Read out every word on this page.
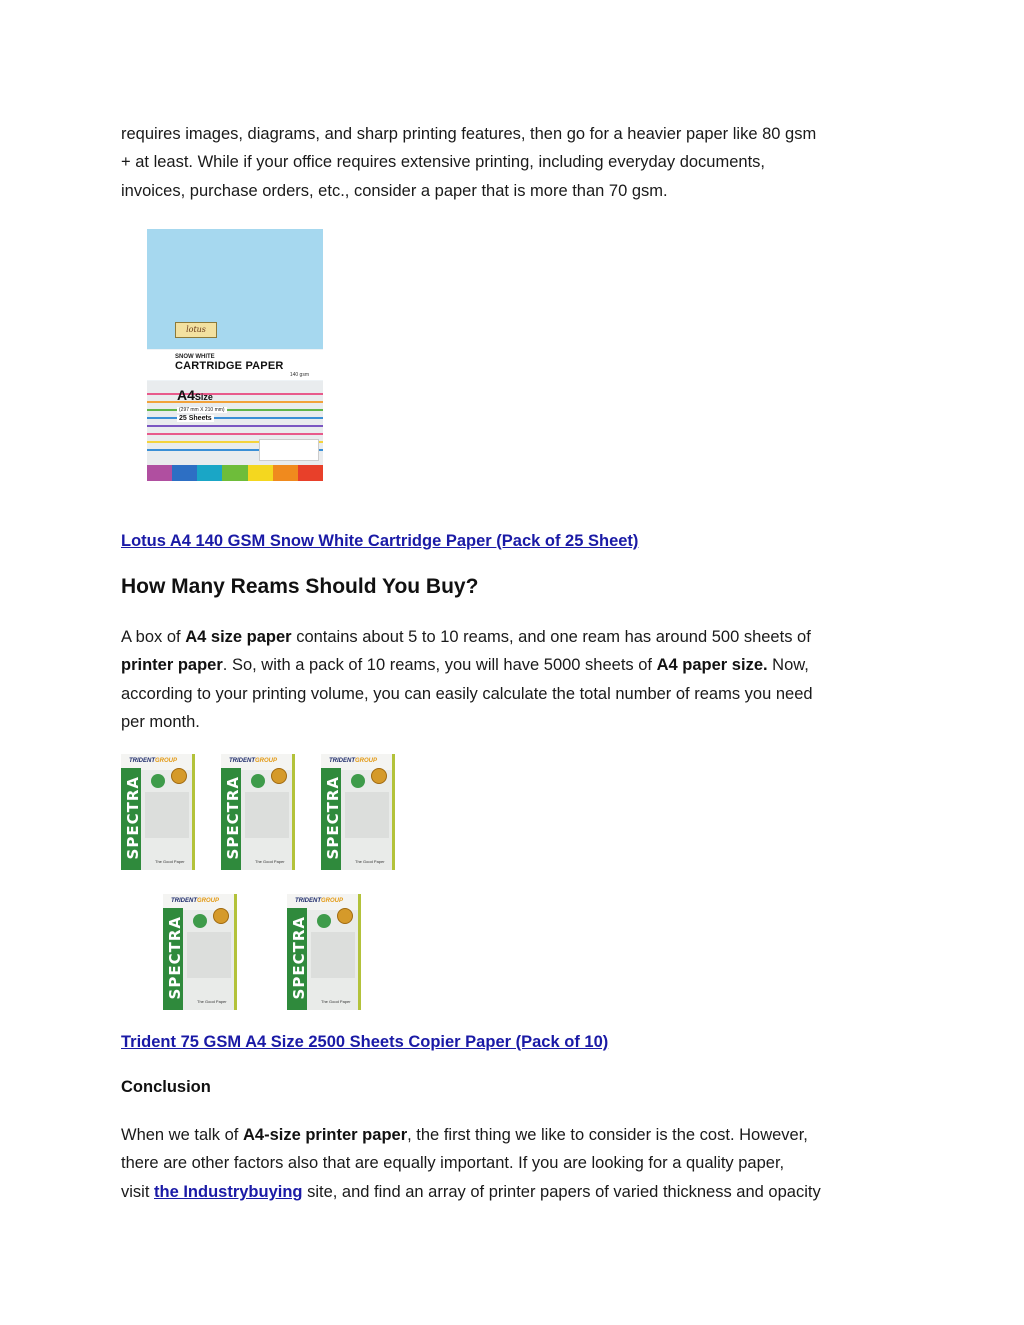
requires images, diagrams, and sharp printing features, then go for a heavier paper like 80 gsm
+ at least. While if your office requires extensive printing, including everyday documents,
invoices, purchase orders, etc., consider a paper that is more than 70 gsm.
lotus
SNOW WHITE
CARTRIDGE PAPER
140 gsm
A4Size
(297 mm X 210 mm)
25 Sheets
Lotus A4 140 GSM Snow White Cartridge Paper (Pack of 25 Sheet)
How Many Reams Should You Buy?
A box of A4 size paper contains about 5 to 10 reams, and one ream has around 500 sheets of
printer paper. So, with a pack of 10 reams, you will have 5000 sheets of A4 paper size. Now,
according to your printing volume, you can easily calculate the total number of reams you need
per month.
TRIDENTGROUP
SPECTRA
The Good Paper
TRIDENTGROUP
SPECTRA
The Good Paper
TRIDENTGROUP
SPECTRA
The Good Paper
TRIDENTGROUP
SPECTRA
The Good Paper
TRIDENTGROUP
SPECTRA
The Good Paper
Trident 75 GSM A4 Size 2500 Sheets Copier Paper (Pack of 10)
Conclusion
When we talk of A4-size printer paper, the first thing we like to consider is the cost. However,
there are other factors also that are equally important. If you are looking for a quality paper,
visit the Industrybuying site, and find an array of printer papers of varied thickness and opacity
